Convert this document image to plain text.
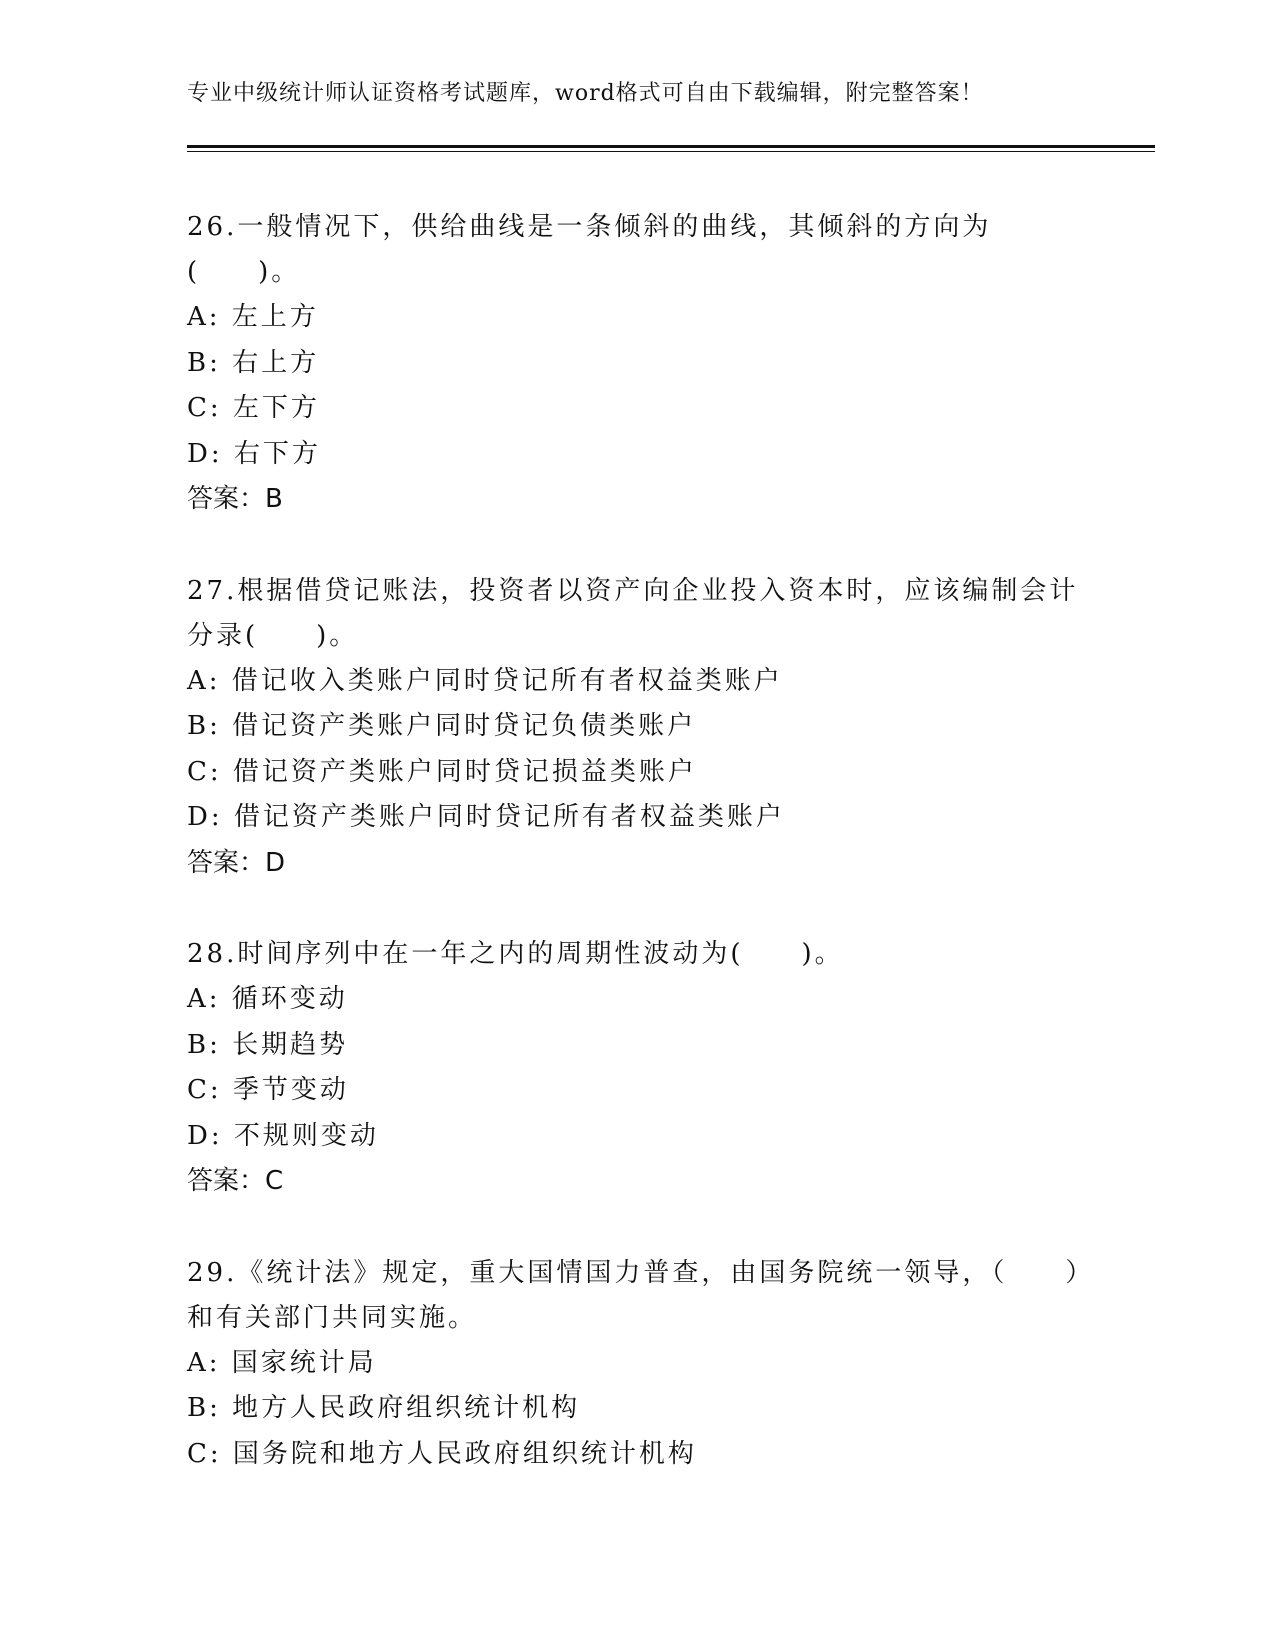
专业中级统计师认证资格考试题库，word格式可自由下载编辑，附完整答案！

26.一般情况下，供给曲线是一条倾斜的曲线，其倾斜的方向为(　　)。

A: 左上方

B: 右上方

C: 左下方

D: 右下方

答案：B

27.根据借贷记账法，投资者以资产向企业投入资本时，应该编制会计分录(　　)。

A: 借记收入类账户同时贷记所有者权益类账户

B: 借记资产类账户同时贷记负债类账户

C: 借记资产类账户同时贷记损益类账户

D: 借记资产类账户同时贷记所有者权益类账户

答案：D

28.时间序列中在一年之内的周期性波动为(　　)。

A: 循环变动

B: 长期趋势

C: 季节变动

D: 不规则变动

答案：C

29.《统计法》规定，重大国情国力普查，由国务院统一领导，（　　）和有关部门共同实施。

A: 国家统计局

B: 地方人民政府组织统计机构

C: 国务院和地方人民政府组织统计机构
